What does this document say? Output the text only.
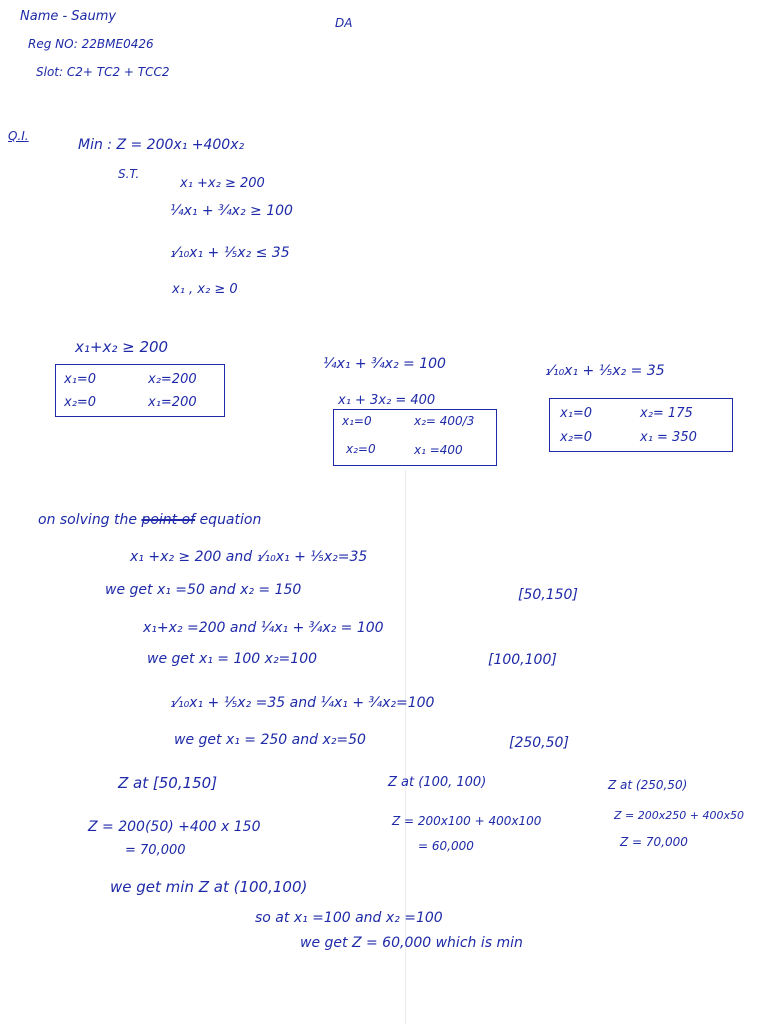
Name - Saumy
Reg NO: 22BME0426
Slot: C2+ TC2 + TCC2
DA
Q.I.
Min : Z = 200x₁ +400x₂
S.T.
x₁ +x₂ ≥ 200
¼x₁ + ¾x₂ ≥ 100
₁⁄₁₀x₁ + ⅕x₂ ≤ 35
x₁ , x₂ ≥ 0
x₁+x₂ ≥ 200
x₁=0	x₂=200
x₂=0	x₁=200
¼x₁ + ¾x₂ = 100
x₁ + 3x₂ = 400
x₁=0	x₂= 400/3
x₂=0	x₁ =400
₁⁄₁₀x₁ + ⅕x₂ = 35
x₁=0	x₂= 175
x₂=0	x₁ = 350
on solving the point of equation
x₁ +x₂ ≥ 200 and ₁⁄₁₀x₁ + ⅕x₂=35
we get x₁ =50 and x₂ = 150	[50,150]
x₁+x₂ =200 and ¼x₁ + ¾x₂ = 100
we get x₁ = 100 x₂=100	[100,100]
₁⁄₁₀x₁ + ⅕x₂ =35 and ¼x₁ + ¾x₂=100
we get x₁ = 250 and x₂=50	[250,50]
Z at [50,150]
Z = 200(50) +400 x 150
= 70,000
Z at (100, 100)
Z = 200x100 + 400x100
= 60,000
Z at (250,50)
Z = 200x250 + 400x50
Z = 70,000
we get min Z at (100,100)
so at x₁ =100 and x₂ =100
we get Z = 60,000 which is min
